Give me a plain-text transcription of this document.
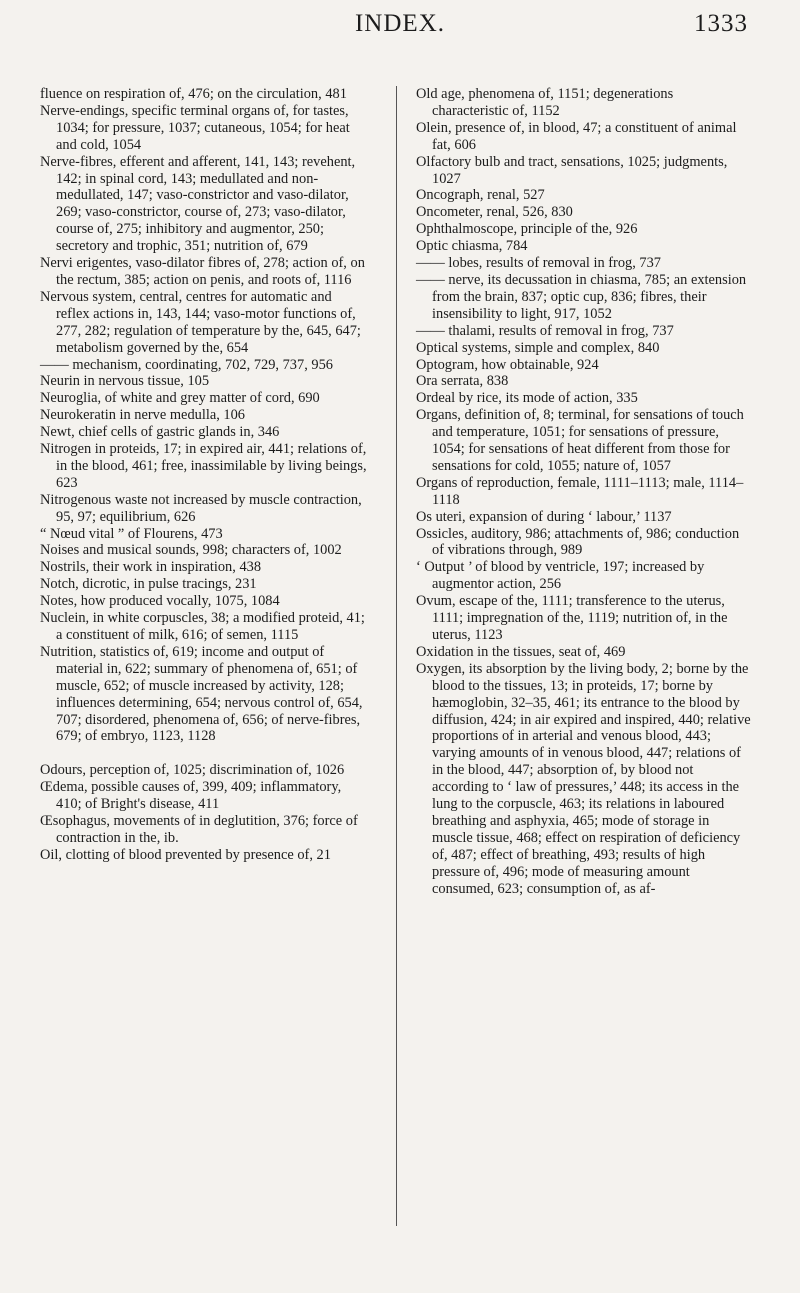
INDEX.	1333

fluence on respiration of, 476; on the circulation, 481

Nerve-endings, specific terminal organs of, for tastes, 1034; for pressure, 1037; cutaneous, 1054; for heat and cold, 1054

Nerve-fibres, efferent and afferent, 141, 143; revehent, 142; in spinal cord, 143; medullated and non-medullated, 147; vaso-constrictor and vaso-dilator, 269; vaso-constrictor, course of, 273; vaso-dilator, course of, 275; inhibitory and augmentor, 250; secretory and trophic, 351; nutrition of, 679

Nervi erigentes, vaso-dilator fibres of, 278; action of, on the rectum, 385; action on penis, and roots of, 1116

Nervous system, central, centres for automatic and reflex actions in, 143, 144; vaso-motor functions of, 277, 282; regulation of temperature by the, 645, 647; metabolism governed by the, 654

—— mechanism, coordinating, 702, 729, 737, 956

Neurin in nervous tissue, 105

Neuroglia, of white and grey matter of cord, 690

Neurokeratin in nerve medulla, 106

Newt, chief cells of gastric glands in, 346

Nitrogen in proteids, 17; in expired air, 441; relations of, in the blood, 461; free, inassimilable by living beings, 623

Nitrogenous waste not increased by muscle contraction, 95, 97; equilibrium, 626

“ Nœud vital ” of Flourens, 473

Noises and musical sounds, 998; characters of, 1002

Nostrils, their work in inspiration, 438

Notch, dicrotic, in pulse tracings, 231

Notes, how produced vocally, 1075, 1084

Nuclein, in white corpuscles, 38; a modified proteid, 41; a constituent of milk, 616; of semen, 1115

Nutrition, statistics of, 619; income and output of material in, 622; summary of phenomena of, 651; of muscle, 652; of muscle increased by activity, 128; influences determining, 654; nervous control of, 654, 707; disordered, phenomena of, 656; of nerve-fibres, 679; of embryo, 1123, 1128

Odours, perception of, 1025; discrimination of, 1026

Œdema, possible causes of, 399, 409; inflammatory, 410; of Bright's disease, 411

Œsophagus, movements of in deglutition, 376; force of contraction in the, ib.

Oil, clotting of blood prevented by presence of, 21

Old age, phenomena of, 1151; degenerations characteristic of, 1152

Olein, presence of, in blood, 47; a constituent of animal fat, 606

Olfactory bulb and tract, sensations, 1025; judgments, 1027

Oncograph, renal, 527

Oncometer, renal, 526, 830

Ophthalmoscope, principle of the, 926

Optic chiasma, 784

—— lobes, results of removal in frog, 737

—— nerve, its decussation in chiasma, 785; an extension from the brain, 837; optic cup, 836; fibres, their insensibility to light, 917, 1052

—— thalami, results of removal in frog, 737

Optical systems, simple and complex, 840

Optogram, how obtainable, 924

Ora serrata, 838

Ordeal by rice, its mode of action, 335

Organs, definition of, 8; terminal, for sensations of touch and temperature, 1051; for sensations of pressure, 1054; for sensations of heat different from those for sensations for cold, 1055; nature of, 1057

Organs of reproduction, female, 1111–1113; male, 1114–1118

Os uteri, expansion of during ‘ labour,’ 1137

Ossicles, auditory, 986; attachments of, 986; conduction of vibrations through, 989

‘ Output ’ of blood by ventricle, 197; increased by augmentor action, 256

Ovum, escape of the, 1111; transference to the uterus, 1111; impregnation of the, 1119; nutrition of, in the uterus, 1123

Oxidation in the tissues, seat of, 469

Oxygen, its absorption by the living body, 2; borne by the blood to the tissues, 13; in proteids, 17; borne by hæmoglobin, 32–35, 461; its entrance to the blood by diffusion, 424; in air expired and inspired, 440; relative proportions of in arterial and venous blood, 443; varying amounts of in venous blood, 447; relations of in the blood, 447; absorption of, by blood not according to ‘ law of pressures,’ 448; its access in the lung to the corpuscle, 463; its relations in laboured breathing and asphyxia, 465; mode of storage in muscle tissue, 468; effect on respiration of deficiency of, 487; effect of breathing, 493; results of high pressure of, 496; mode of measuring amount consumed, 623; consumption of, as af-
